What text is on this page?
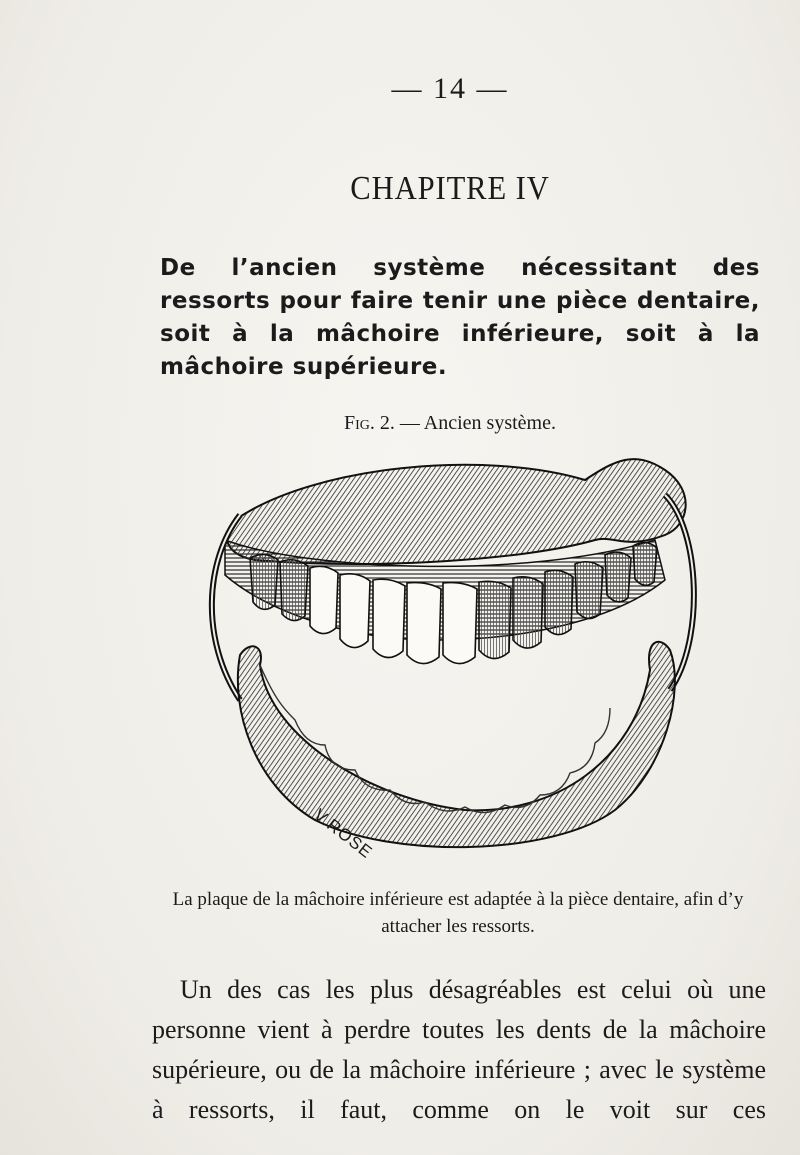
— 14 —
CHAPITRE IV
De l’ancien système nécessitant des ressorts pour faire tenir une pièce dentaire, soit à la mâchoire inférieure, soit à la mâchoire supérieure.
Fig. 2. — Ancien système.
V.ROSE
La plaque de la mâchoire inférieure est adaptée à la pièce dentaire, afin d’y attacher les ressorts.

Un des cas les plus désagréables est celui où une personne vient à perdre toutes les dents de la mâchoire supérieure, ou de la mâchoire inférieure ; avec le système à ressorts, il faut, comme on le voit sur ces
